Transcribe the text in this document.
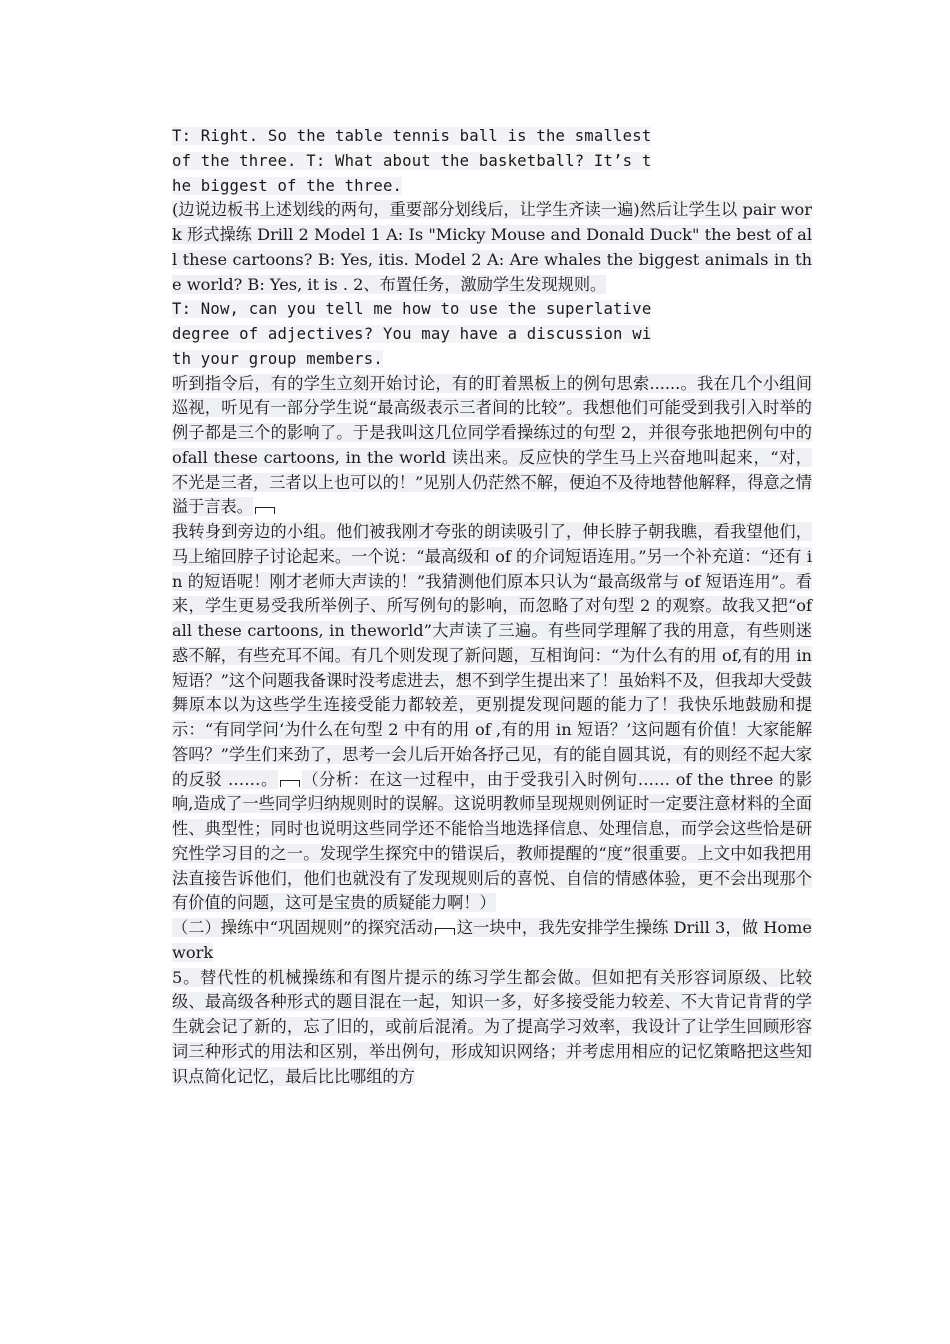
T: Right. So the table tennis ball is the smallest of the three. T: What about the basketball? It’s the biggest of the three.

(边说边板书上述划线的两句，重要部分划线后，让学生齐读一遍)然后让学生以 pair work 形式操练 Drill 2 Model 1 A: Is "Micky Mouse and Donald Duck" the best of all these cartoons? B: Yes, itis. Model 2 A: Are whales the biggest animals in the world? B: Yes, it is . 2、布置任务，激励学生发现规则。

T: Now, can you tell me how to use the superlative degree of adjectives? You may have a discussion with your group members.

听到指令后，有的学生立刻开始讨论，有的盯着黑板上的例句思索......。我在几个小组间巡视，听见有一部分学生说“最高级表示三者间的比较”。我想他们可能受到我引入时举的例子都是三个的影响了。于是我叫这几位同学看操练过的句型 2，并很夸张地把例句中的 ofall these cartoons, in the world 读出来。反应快的学生马上兴奋地叫起来，“对，不光是三者，三者以上也可以的！”见别人仍茫然不解，便迫不及待地替他解释，得意之情溢于言表。

我转身到旁边的小组。他们被我刚才夸张的朗读吸引了，伸长脖子朝我瞧，看我望他们，马上缩回脖子讨论起来。一个说：“最高级和 of 的介词短语连用。”另一个补充道：“还有 in 的短语呢！刚才老师大声读的！”我猜测他们原本只认为“最高级常与 of 短语连用”。看来，学生更易受我所举例子、所写例句的影响，而忽略了对句型 2 的观察。故我又把“of all these cartoons, in theworld”大声读了三遍。有些同学理解了我的用意，有些则迷惑不解，有些充耳不闻。有几个则发现了新问题，互相询问：“为什么有的用 of,有的用 in 短语？”这个问题我备课时没考虑进去，想不到学生提出来了！虽始料不及，但我却大受鼓舞原本以为这些学生连接受能力都较差，更别提发现问题的能力了！我快乐地鼓励和提示：“有同学问‘为什么在句型 2 中有的用 of ,有的用 in 短语？’这问题有价值！大家能解答吗？”学生们来劲了，思考一会儿后开始各抒己见，有的能自圆其说，有的则经不起大家的反驳 ……。 （分析：在这一过程中，由于受我引入时例句…… of the three 的影响,造成了一些同学归纳规则时的误解。这说明教师呈现规则例证时一定要注意材料的全面性、典型性；同时也说明这些同学还不能恰当地选择信息、处理信息，而学会这些恰是研究性学习目的之一。发现学生探究中的错误后，教师提醒的“度”很重要。上文中如我把用法直接告诉他们，他们也就没有了发现规则后的喜悦、自信的情感体验，更不会出现那个有价值的问题，这可是宝贵的质疑能力啊！）

（二）操练中“巩固规则”的探究活动 这一块中，我先安排学生操练 Drill 3，做 Homework

5。替代性的机械操练和有图片提示的练习学生都会做。但如把有关形容词原级、比较级、最高级各种形式的题目混在一起，知识一多，好多接受能力较差、不大肯记肯背的学生就会记了新的，忘了旧的，或前后混淆。为了提高学习效率，我设计了让学生回顾形容词三种形式的用法和区别，举出例句，形成知识网络；并考虑用相应的记忆策略把这些知识点简化记忆，最后比比哪组的方
